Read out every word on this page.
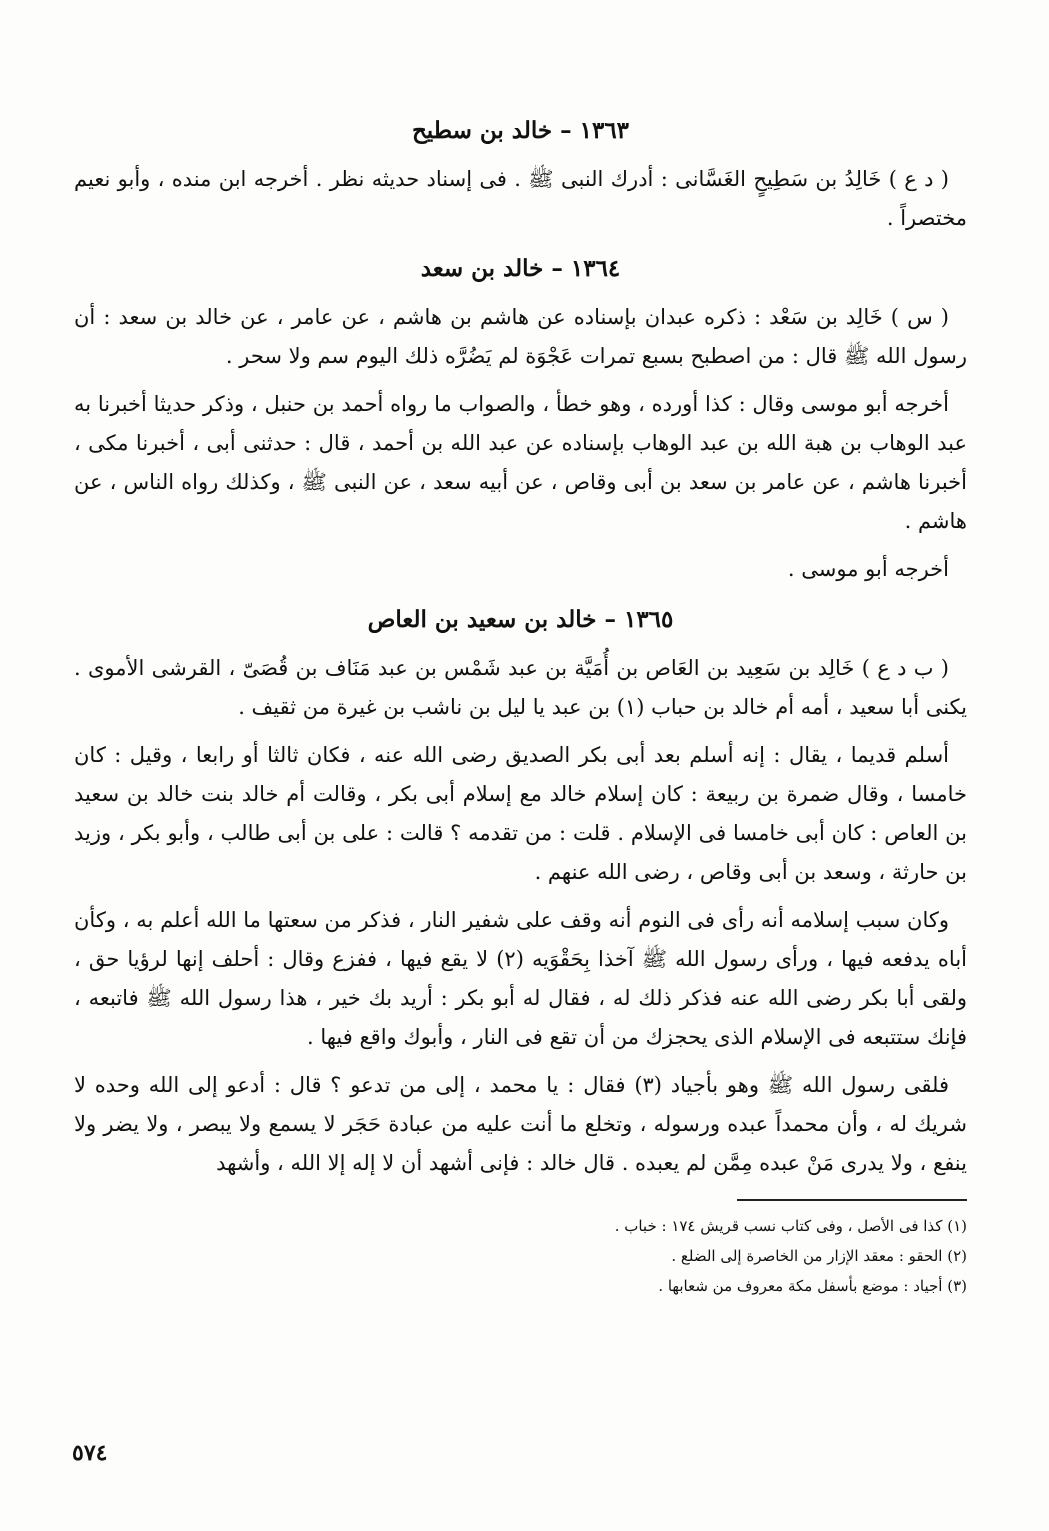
١٣٦٣ – خالد بن سطيح

( د ع ) خَالِدُ بن سَطِيحٍ الغَسَّانى : أدرك النبى ﷺ . فى إسناد حديثه نظر . أخرجه ابن منده ، وأبو نعيم مختصراً .

١٣٦٤ – خالد بن سعد

( س ) خَالِد بن سَعْد : ذكره عبدان بإسناده عن هاشم بن هاشم ، عن عامر ، عن خالد بن سعد : أن رسول الله ﷺ قال : من اصطبح بسبع تمرات عَجْوَة لم يَضُرَّه ذلك اليوم سم ولا سحر .

أخرجه أبو موسى وقال : كذا أورده ، وهو خطأ ، والصواب ما رواه أحمد بن حنبل ، وذكر حديثا أخبرنا به عبد الوهاب بن هبة الله بن عبد الوهاب بإسناده عن عبد الله بن أحمد ، قال : حدثنى أبى ، أخبرنا مكى ، أخبرنا هاشم ، عن عامر بن سعد بن أبى وقاص ، عن أبيه سعد ، عن النبى ﷺ ، وكذلك رواه الناس ، عن هاشم .

أخرجه أبو موسى .

١٣٦٥ – خالد بن سعيد بن العاص

( ب د ع ) خَالِد بن سَعِيد بن العَاص بن أُمَيَّة بن عبد شَمْس بن عبد مَنَاف بن قُصَىّ ، القرشى الأموى . يكنى أبا سعيد ، أمه أم خالد بن حباب (١) بن عبد يا ليل بن ناشب بن غيرة من ثقيف .

أسلم قديما ، يقال : إنه أسلم بعد أبى بكر الصديق رضى الله عنه ، فكان ثالثا أو رابعا ، وقيل : كان خامسا ، وقال ضمرة بن ربيعة : كان إسلام خالد مع إسلام أبى بكر ، وقالت أم خالد بنت خالد بن سعيد بن العاص : كان أبى خامسا فى الإسلام . قلت : من تقدمه ؟ قالت : على بن أبى طالب ، وأبو بكر ، وزيد بن حارثة ، وسعد بن أبى وقاص ، رضى الله عنهم .

وكان سبب إسلامه أنه رأى فى النوم أنه وقف على شفير النار ، فذكر من سعتها ما الله أعلم به ، وكأن أباه يدفعه فيها ، ورأى رسول الله ﷺ آخذا بِحَقْوَيه (٢) لا يقع فيها ، ففزع وقال : أحلف إنها لرؤيا حق ، ولقى أبا بكر رضى الله عنه فذكر ذلك له ، فقال له أبو بكر : أريد بك خير ، هذا رسول الله ﷺ فاتبعه ، فإنك ستتبعه فى الإسلام الذى يحجزك من أن تقع فى النار ، وأبوك واقع فيها .

فلقى رسول الله ﷺ وهو بأجياد (٣) فقال : يا محمد ، إلى من تدعو ؟ قال : أدعو إلى الله وحده لا شريك له ، وأن محمداً عبده ورسوله ، وتخلع ما أنت عليه من عبادة حَجَر لا يسمع ولا يبصر ، ولا يضر ولا ينفع ، ولا يدرى مَنْ عبده مِمَّن لم يعبده . قال خالد : فإنى أشهد أن لا إله إلا الله ، وأشهد

(١) كذا فى الأصل ، وفى كتاب نسب قريش ١٧٤ : خباب .

(٢) الحقو : معقد الإزار من الخاصرة إلى الضلع .

(٣) أجياد : موضع بأسفل مكة معروف من شعابها .

٥٧٤
